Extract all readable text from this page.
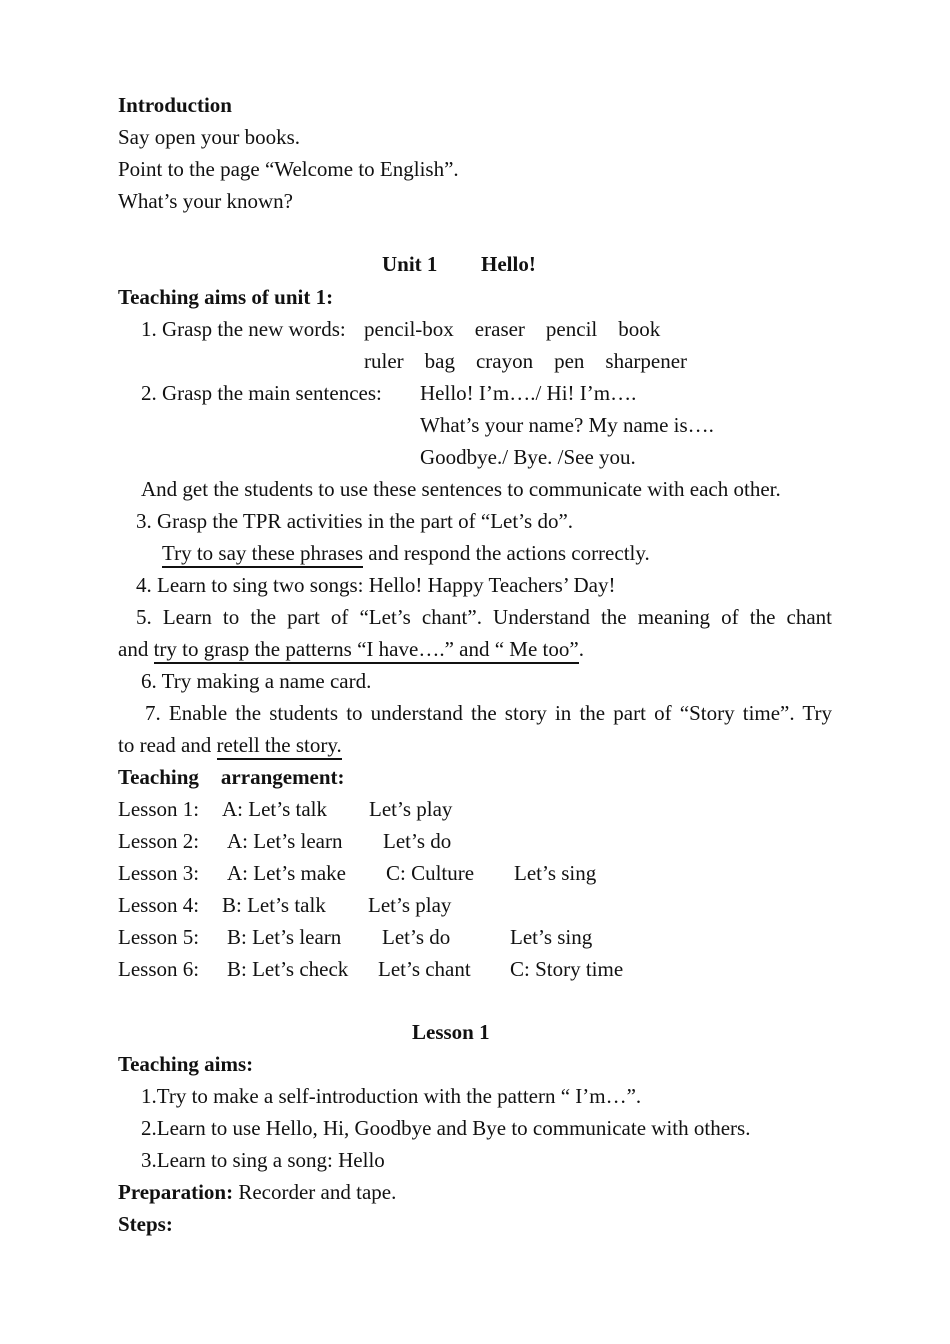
Introduction
Say open your books.
Point to the page “Welcome to English”.
What’s your known?
Unit 1 Hello!
Teaching aims of unit 1:
1. Grasp the new words: pencil-box    eraser    pencil    book
ruler    bag    crayon    pen    sharpener
2. Grasp the main sentences: Hello! I’m…./ Hi! I’m….
What’s your name? My name is….
Goodbye./ Bye. /See you.
And get the students to use these sentences to communicate with each other.
3. Grasp the TPR activities in the part of “Let’s do”.
Try to say these phrases and respond the actions correctly.
4. Learn to sing two songs: Hello! Happy Teachers’ Day!
5. Learn to the part of “Let’s chant”. Understand the meaning of the chant
and try to grasp the patterns “I have….” and “ Me too”.
6. Try making a name card.
7. Enable the students to understand the story in the part of “Story time”. Try
to read and retell the story.
Teaching arrangement:
Lesson 1: A: Let’s talk Let’s play
Lesson 2: A: Let’s learn Let’s do
Lesson 3: A: Let’s make C: Culture Let’s sing
Lesson 4: B: Let’s talk Let’s play
Lesson 5: B: Let’s learn Let’s do	Let’s sing
Lesson 6: B: Let’s check Let’s chant C: Story time
Lesson 1
Teaching aims:
1.Try to make a self-introduction with the pattern “ I’m…”.
2.Learn to use Hello, Hi, Goodbye and Bye to communicate with others.
3.Learn to sing a song: Hello
Preparation: Recorder and tape.
Steps:
